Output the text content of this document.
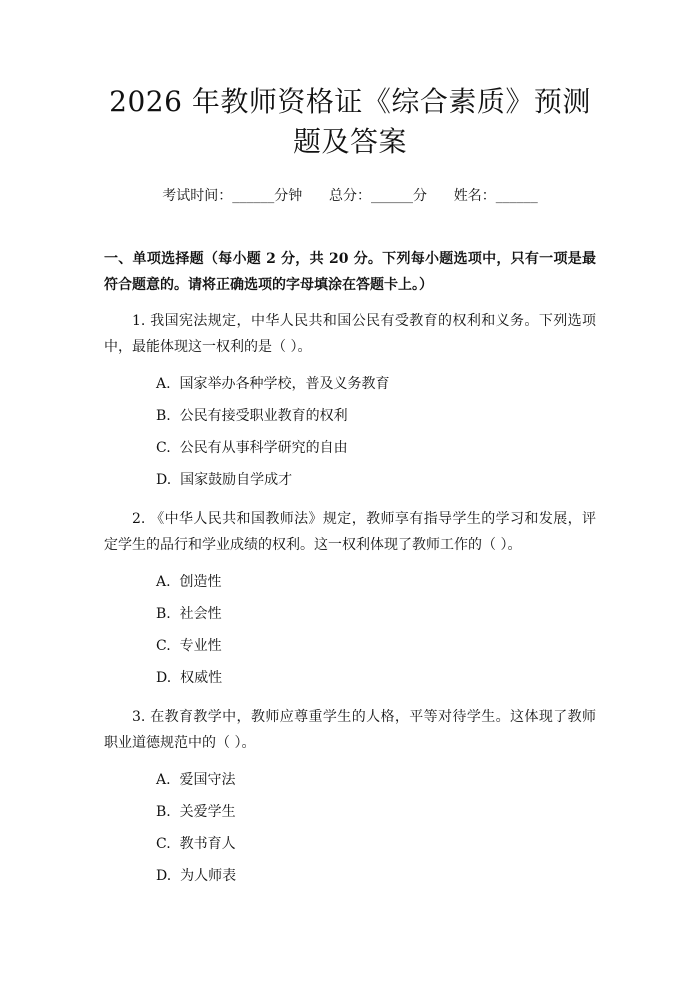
2026 年教师资格证《综合素质》预测题及答案
考试时间：______分钟      总分：______分      姓名：______
一、单项选择题（每小题 2 分，共 20 分。下列每小题选项中，只有一项是最符合题意的。请将正确选项的字母填涂在答题卡上。）
1. 我国宪法规定，中华人民共和国公民有受教育的权利和义务。下列选项中，最能体现这一权利的是（ ）。
A.  国家举办各种学校，普及义务教育
B.  公民有接受职业教育的权利
C.  公民有从事科学研究的自由
D.  国家鼓励自学成才
2. 《中华人民共和国教师法》规定，教师享有指导学生的学习和发展，评定学生的品行和学业成绩的权利。这一权利体现了教师工作的（ ）。
A.  创造性
B.  社会性
C.  专业性
D.  权威性
3. 在教育教学中，教师应尊重学生的人格，平等对待学生。这体现了教师职业道德规范中的（ ）。
A.  爱国守法
B.  关爱学生
C.  教书育人
D.  为人师表
